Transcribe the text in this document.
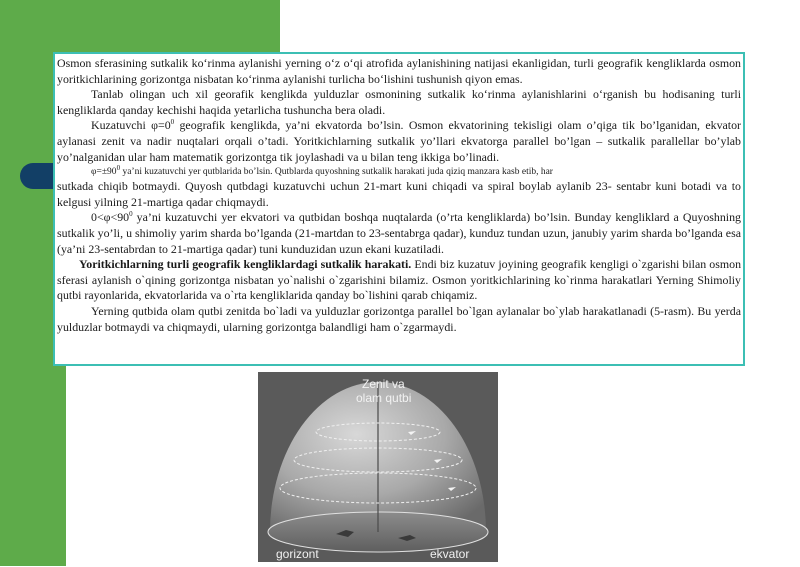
Osmon sferasining sutkalik ko‘rinma aylanishi yerning o‘z o‘qi atrofida aylanishining natijasi ekanligidan, turli geografik kengliklarda osmon yoritkichlarining gorizontga nisbatan ko‘rinma aylanishi turlicha bo‘lishini tushunish qiyon emas.

Tanlab olingan uch xil georafik kenglikda yulduzlar osmonining sutkalik ko‘rinma aylanishlarini o‘rganish bu hodisaning turli kengliklarda qanday kechishi haqida yetarlicha tushuncha bera oladi.

Kuzatuvchi $\varphi=0^0$ geografik kenglikda, ya’ni ekvatorda bo’lsin. Osmon ekvatorining tekisligi olam o’qiga tik bo’lganidan, ekvator aylanasi zenit va nadir nuqtalari orqali o’tadi. Yoritkichlarning sutkalik yo’llari ekvatorga parallel bo’lgan – sutkalik parallellar bo’ylab yo’nalganidan ular ham matematik gorizontga tik joylashadi va u bilan teng ikkiga bo’linadi.

$\varphi=\pm 90^0$ ya’ni kuzatuvchi yer qutblarida bo’lsin. Qutblarda quyoshning sutkalik harakati juda qiziq manzara kasb etib, har

sutkada chiqib botmaydi. Quyosh qutbdagi kuzatuvchi uchun 21-mart kuni chiqadi va spiral boylab aylanib 23- sentabr kuni botadi va to kelgusi yilning 21-martiga qadar chiqmaydi.

$0<\varphi<90^0$ ya’ni kuzatuvchi yer ekvatori va qutbidan boshqa nuqtalarda (o’rta kengliklarda) bo’lsin. Bunday kengliklard a Quyoshning sutkalik yo’li, u shimoliy yarim sharda bo’lganda (21-martdan to 23-sentabrga qadar), kunduz tundan uzun, janubiy yarim sharda bo’lganda esa (ya’ni 23-sentabrdan to 21-martiga qadar) tuni kunduzidan uzun ekani kuzatiladi.

Yoritkichlarning turli geografik kengliklardagi sutkalik harakati. Endi biz kuzatuv joyining geografik kengligi o`zgarishi bilan osmon sferasi aylanish o`qining gorizontga nisbatan yo`nalishi o`zgarishini bilamiz. Osmon yoritkichlarining ko`rinma harakatlari Yerning Shimoliy qutbi rayonlarida, ekvatorlarida va o`rta kengliklarida qanday bo`lishini qarab chiqamiz.

Yerning qutbida olam qutbi zenitda bo`ladi va yulduzlar gorizontga parallel bo`lgan aylanalar bo`ylab harakatlanadi (5-rasm). Bu yerda yulduzlar botmaydi va chiqmaydi, ularning gorizontga balandligi ham o`zgarmaydi.

Zenit va
olam qutbi
gorizont	ekvator
